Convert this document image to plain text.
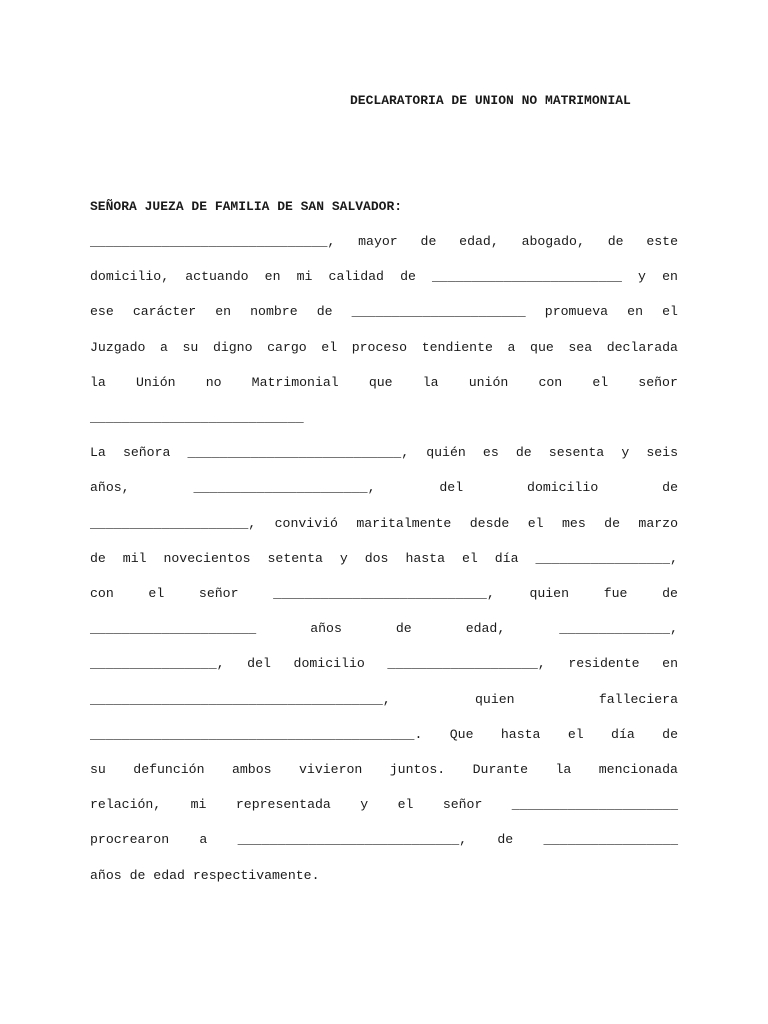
DECLARATORIA DE UNION NO MATRIMONIAL
SEÑORA JUEZA DE FAMILIA DE SAN SALVADOR:
______________________________, mayor de edad, abogado, de este
domicilio, actuando en mi calidad de ________________________ y en
ese carácter en nombre de ______________________ promueva en el
Juzgado a su digno cargo el proceso tendiente a que sea declarada
la Unión no Matrimonial que la unión con el señor
___________________________
La señora ___________________________, quién es de sesenta y seis
años,	______________________,	del	domicilio	de
____________________, convivió maritalmente desde el mes de marzo
de mil novecientos setenta y dos hasta el día _________________,
con	el	señor	___________________________,	quien	fue	de
_____________________	años	de	edad,	______________,
________________, del domicilio ___________________, residente en
_____________________________________,	quien	falleciera
_________________________________________. Que hasta el día de
su defunción ambos vivieron juntos. Durante la mencionada
relación, mi representada y el señor _____________________
procrearon a ____________________________, de _________________
años de edad respectivamente.
